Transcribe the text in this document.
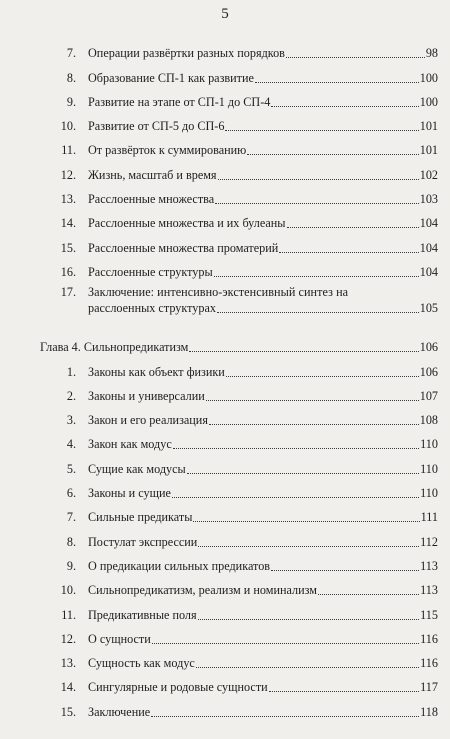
5
7. Операции развёртки разных порядков	98
8. Образование СП-1 как развитие	100
9. Развитие на этапе от СП-1 до СП-4	100
10. Развитие от СП-5 до СП-6	101
11. От развёрток к суммированию	101
12. Жизнь, масштаб и время	102
13. Расслоенные множества	103
14. Расслоенные множества и их булеаны	104
15. Расслоенные множества проматерий	104
16. Расслоенные структуры	104
17. Заключение: интенсивно-экстенсивный синтез на
расслоенных структурах	105
Глава 4. Сильнопредикатизм	106
1. Законы как объект физики	106
2. Законы и универсалии	107
3. Закон и его реализация	108
4. Закон как модус	110
5. Сущие как модусы	110
6. Законы и сущие	110
7. Сильные предикаты	111
8. Постулат экспрессии	112
9. О предикации сильных предикатов	113
10. Сильнопредикатизм, реализм и номинализм	113
11. Предикативные поля	115
12. О сущности	116
13. Сущность как модус	116
14. Сингулярные и родовые сущности	117
15. Заключение	118
